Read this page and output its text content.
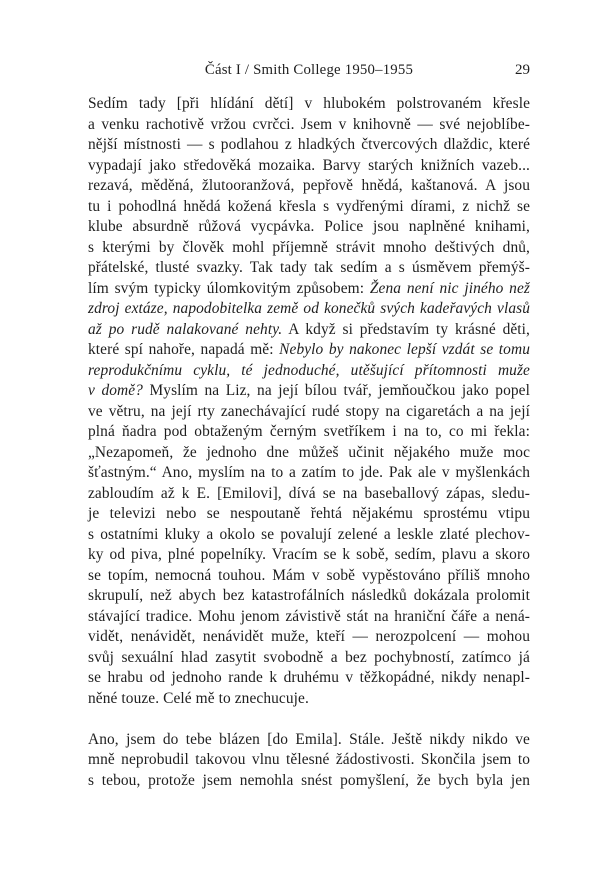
Část I / Smith College 1950–1955	29
Sedím tady [při hlídání dětí] v hlubokém polstrovaném křesle
a venku rachotivě vržou cvrčci. Jsem v knihovně — své nejoblíbe-
nější místnosti — s podlahou z hladkých čtvercových dlaždic, které
vypadají jako středověká mozaika. Barvy starých knižních vazeb...
rezavá, měděná, žlutooranžová, pepřově hnědá, kaštanová. A jsou
tu i pohodlná hnědá kožená křesla s vydřenými dírami, z nichž se
klube absurdně růžová vycpávka. Police jsou naplněné knihami,
s kterými by člověk mohl příjemně strávit mnoho deštivých dnů,
přátelské, tlusté svazky. Tak tady tak sedím a s úsměvem přemýš-
lím svým typicky úlomkovitým způsobem: Žena není nic jiného než
zdroj extáze, napodobitelka země od konečků svých kadeřavých vlasů
až po rudě nalakované nehty. A když si představím ty krásné děti,
které spí nahoře, napadá mě: Nebylo by nakonec lepší vzdát se tomu
reprodukčnímu cyklu, té jednoduché, utěšující přítomnosti muže
v domě? Myslím na Liz, na její bílou tvář, jemňoučkou jako popel
ve větru, na její rty zanechávající rudé stopy na cigaretách a na její
plná ňadra pod obtaženým černým svetříkem i na to, co mi řekla:
„Nezapomeň, že jednoho dne můžeš učinit nějakého muže moc
šťastným.“ Ano, myslím na to a zatím to jde. Pak ale v myšlenkách
zabloudím až k E. [Emilovi], dívá se na baseballový zápas, sledu-
je televizi nebo se nespoutaně řehtá nějakému sprostému vtipu
s ostatními kluky a okolo se povalují zelené a leskle zlaté plechov-
ky od piva, plné popelníky. Vracím se k sobě, sedím, plavu a skoro
se topím, nemocná touhou. Mám v sobě vypěstováno příliš mnoho
skrupulí, než abych bez katastrofálních následků dokázala prolomit
stávající tradice. Mohu jenom závistivě stát na hraniční čáře a nená-
vidět, nenávidět, nenávidět muže, kteří — nerozpolcení — mohou
svůj sexuální hlad zasytit svobodně a bez pochybností, zatímco já
se hrabu od jednoho rande k druhému v těžkopádné, nikdy nenapl-
něné touze. Celé mě to znechucuje.
Ano, jsem do tebe blázen [do Emila]. Stále. Ještě nikdy nikdo ve
mně neprobudil takovou vlnu tělesné žádostivosti. Skončila jsem to
s tebou, protože jsem nemohla snést pomyšlení, že bych byla jen
